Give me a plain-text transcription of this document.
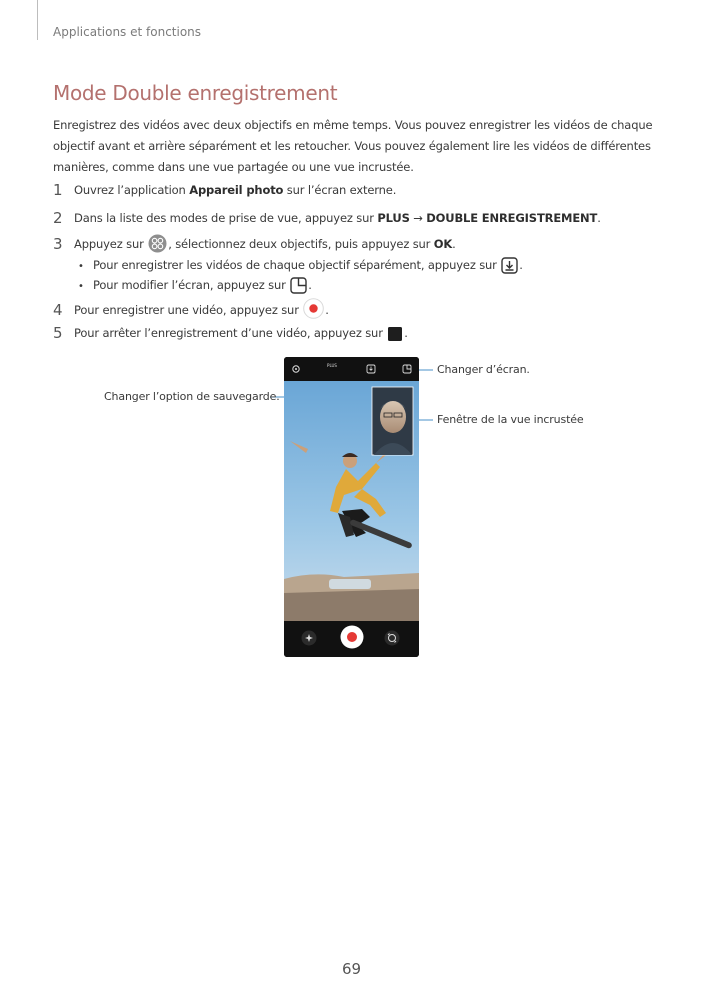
Applications et fonctions
Mode Double enregistrement

Enregistrez des vidéos avec deux objectifs en même temps. Vous pouvez enregistrer les vidéos de chaque objectif avant et arrière séparément et les retoucher. Vous pouvez également lire les vidéos de différentes manières, comme dans une vue partagée ou une vue incrustée.

1 Ouvrez l’application Appareil photo sur l’écran externe.
2 Dans la liste des modes de prise de vue, appuyez sur PLUS → DOUBLE ENREGISTREMENT.
3 Appuyez sur , sélectionnez deux objectifs, puis appuyez sur OK.
• Pour enregistrer les vidéos de chaque objectif séparément, appuyez sur .
• Pour modifier l’écran, appuyez sur .
4 Pour enregistrer une vidéo, appuyez sur .
5 Pour arrêter l’enregistrement d’une vidéo, appuyez sur .
PLUS	Changer d’écran.
Changer l’option de sauvegarde.
Fenêtre de la vue incrustée
69
